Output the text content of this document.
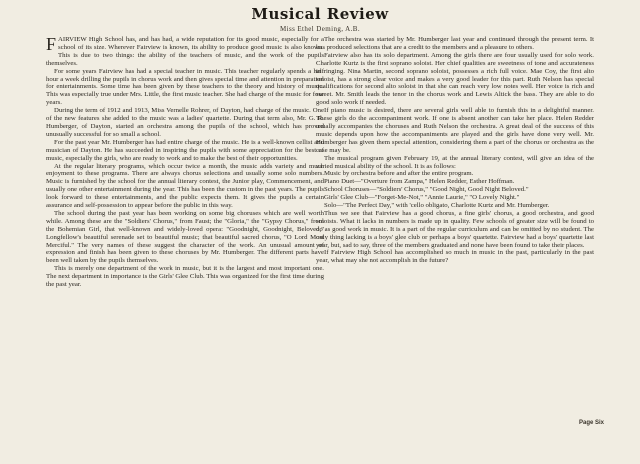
Musical Review
Miss Ethel Deming, A.B.

FAIRVIEW High School has, and has had, a wide reputation for its good music, especially for a school of its size. Wherever Fairview is known, its ability to produce good music is also known. This is due to two things: the ability of the teachers of music, and the work of the pupils themselves.

For some years Fairview has had a special teacher in music. This teacher regularly spends a half hour a week drilling the pupils in chorus work and then gives special time and attention in preparation for entertainments. Some time has been given by these teachers to the theory and history of music. This was especially true under Mrs. Little, the first music teacher. She had charge of the music for four years.

During the term of 1912 and 1913, Miss Vernelle Rohrer, of Dayton, had charge of the music. One of the new features she added to the music was a ladies' quartette. During that term also, Mr. G. R. Humberger, of Dayton, started an orchestra among the pupils of the school, which has proved unusually successful for so small a school.

For the past year Mr. Humberger has had entire charge of the music. He is a well-known cellist and musician of Dayton. He has succeeded in inspiring the pupils with some appreciation for the best of music, especially the girls, who are ready to work and to make the best of their opportunities.

At the regular literary programs, which occur twice a month, the music adds variety and much enjoyment to these programs. There are always chorus selections and usually some solo numbers. Music is furnished by the school for the annual literary contest, the Junior play, Commencement, and usually one other entertainment during the year. This has been the custom in the past years. The pupils look forward to these entertainments, and the public expects them. It gives the pupils a certain assurance and self-possession to appear before the public in this way.

The school during the past year has been working on some big choruses which are well worth while. Among these are the "Soldiers' Chorus," from Faust; the "Gloria," the "Gypsy Chorus," from the Bohemian Girl, that well-known and widely-loved opera: "Goodnight, Goodnight, Beloved," Longfellow's beautiful serenade set to beautiful music; that beautiful sacred chorus, "O Lord Most Merciful." The very names of these suggest the character of the work. An unusual amount of expression and finish has been given to these choruses by Mr. Humberger. The different parts have been well taken by the pupils themselves.

This is merely one department of the work in music, but it is the largest and most important one. The next department in importance is the Girls' Glee Club. This was organized for the first time during the past year.

The orchestra was started by Mr. Humberger last year and continued through the present term. It has produced selections that are a credit to the members and a pleasure to others.

Fairview also has its solo department. Among the girls there are four usually used for solo work. Charlotte Kurtz is the first soprano soloist. Her chief qualities are sweetness of tone and accurateness in ringing. Nina Martin, second soprano soloist, possesses a rich full voice. Mae Coy, the first alto soloist, has a strong clear voice and makes a very good leader for this part. Ruth Nelson has special qualifications for second alto soloist in that she can reach very low notes well. Her voice is rich and sweet. Mr. Smith leads the tenor in the chorus work and Lewis Altick the bass. They are able to do good solo work if needed.

If piano music is desired, there are several girls well able to furnish this in a delightful manner. These girls do the accompaniment work. If one is absent another can take her place. Helen Redder usually accompanies the choruses and Ruth Nelson the orchestra. A great deal of the success of this music depends upon how the accompaniments are played and the girls have done very well. Mr. Humberger has given them special attention, considering them a part of the chorus or orchestra as the case may be.

The musical program given February 19, at the annual literary contest, will give an idea of the varied musical ability of the school. It is as follows:

Music by orchestra before and after the entire program.

Piano Duet—"Overture from Zampa," Helen Redder, Esther Hoffman.

School Choruses—"Soldiers' Chorus," "Good Night, Good Night Beloved."

Girls' Glee Club—"Forget-Me-Not," "Annie Laurie," "O Lovely Night."

Solo—"The Perfect Day," with 'cello obligato, Charlotte Kurtz and Mr. Humberger.

Thus we see that Fairview has a good chorus, a fine girls' chorus, a good orchestra, and good soloists. What it lacks in numbers is made up in quality. Few schools of greater size will be found to do as good work in music. It is a part of the regular curriculum and can be omitted by no student. The only thing lacking is a boys' glee club or perhaps a boys' quartette. Fairview had a boys' quartette last year, but, sad to say, three of the members graduated and none have been found to take their places.

If Fairview High School has accomplished so much in music in the past, particularly in the past year, what may she not accomplish in the future?

Page Six
